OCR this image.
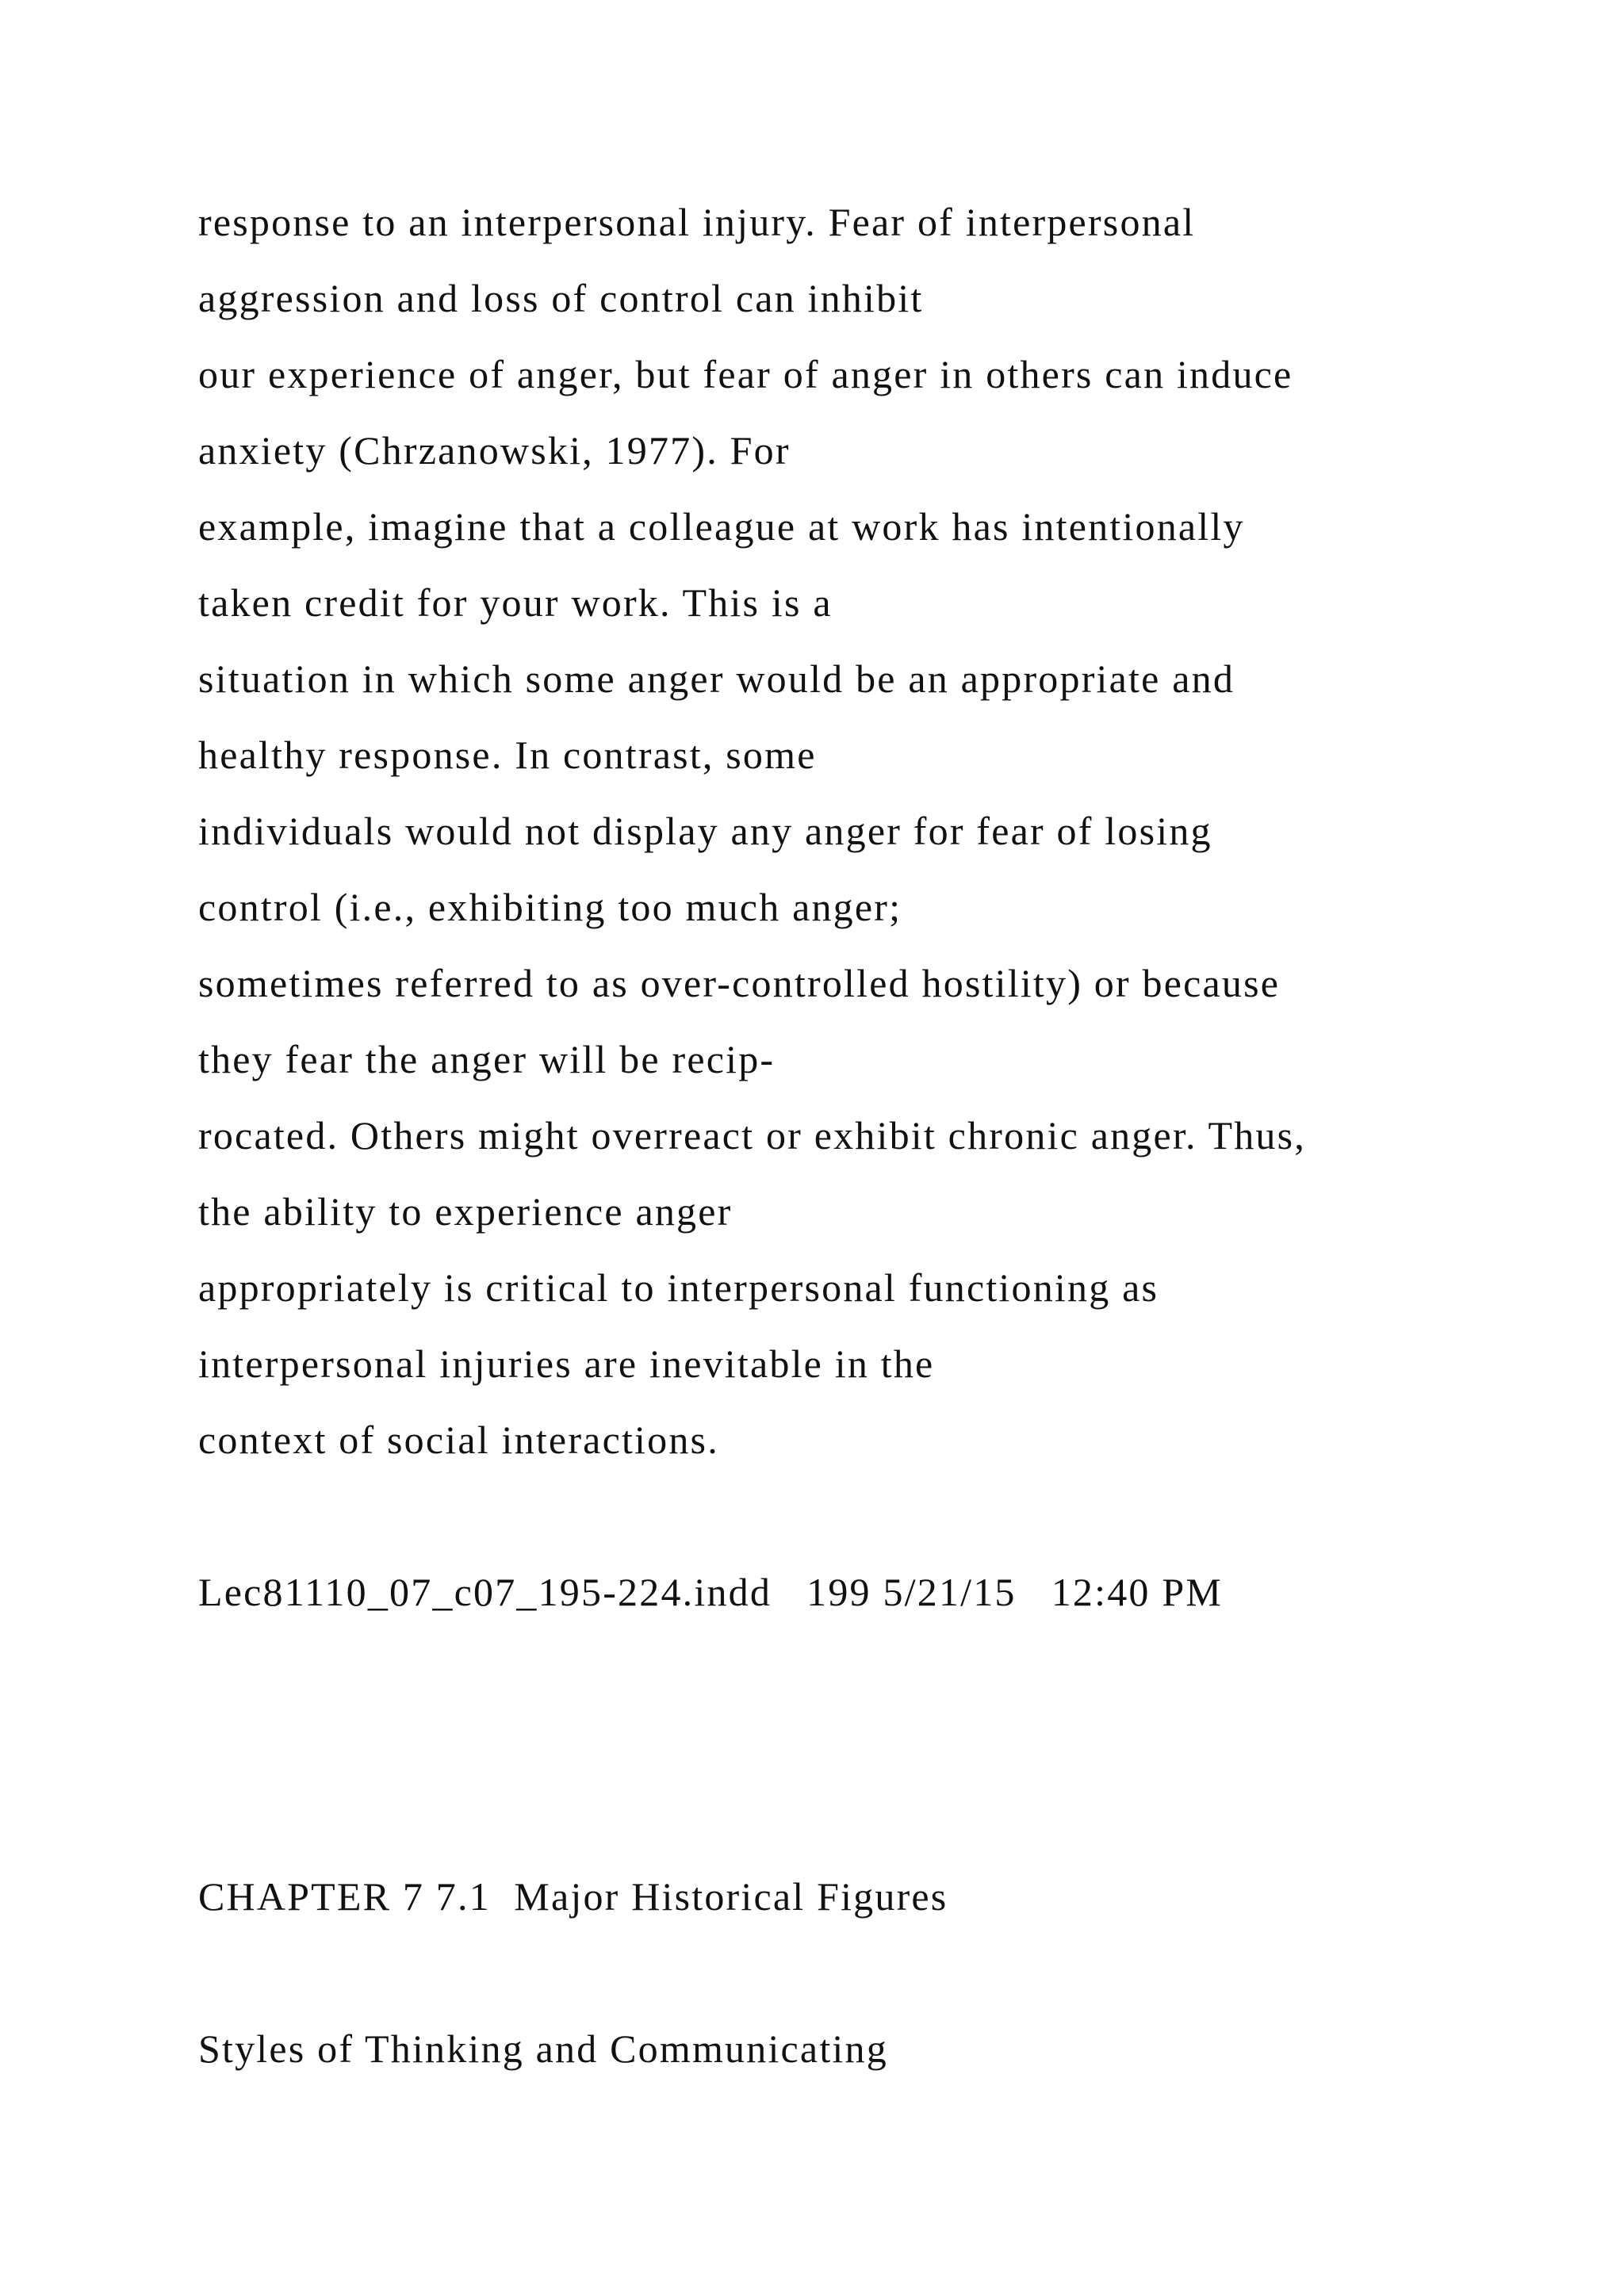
response to an interpersonal injury. Fear of interpersonal

aggression and loss of control can inhibit

our experience of anger, but fear of anger in others can induce

anxiety (Chrzanowski, 1977). For

example, imagine that a colleague at work has intentionally

taken credit for your work. This is a

situation in which some anger would be an appropriate and

healthy response. In contrast, some

individuals would not display any anger for fear of losing

control (i.e., exhibiting too much anger;

sometimes referred to as over-controlled hostility) or because

they fear the anger will be recip-

rocated. Others might overreact or exhibit chronic anger. Thus,

the ability to experience anger

appropriately is critical to interpersonal functioning as

interpersonal injuries are inevitable in the

context of social interactions.

Lec81110_07_c07_195-224.indd   199 5/21/15   12:40 PM

CHAPTER 7 7.1  Major Historical Figures

Styles of Thinking and Communicating
